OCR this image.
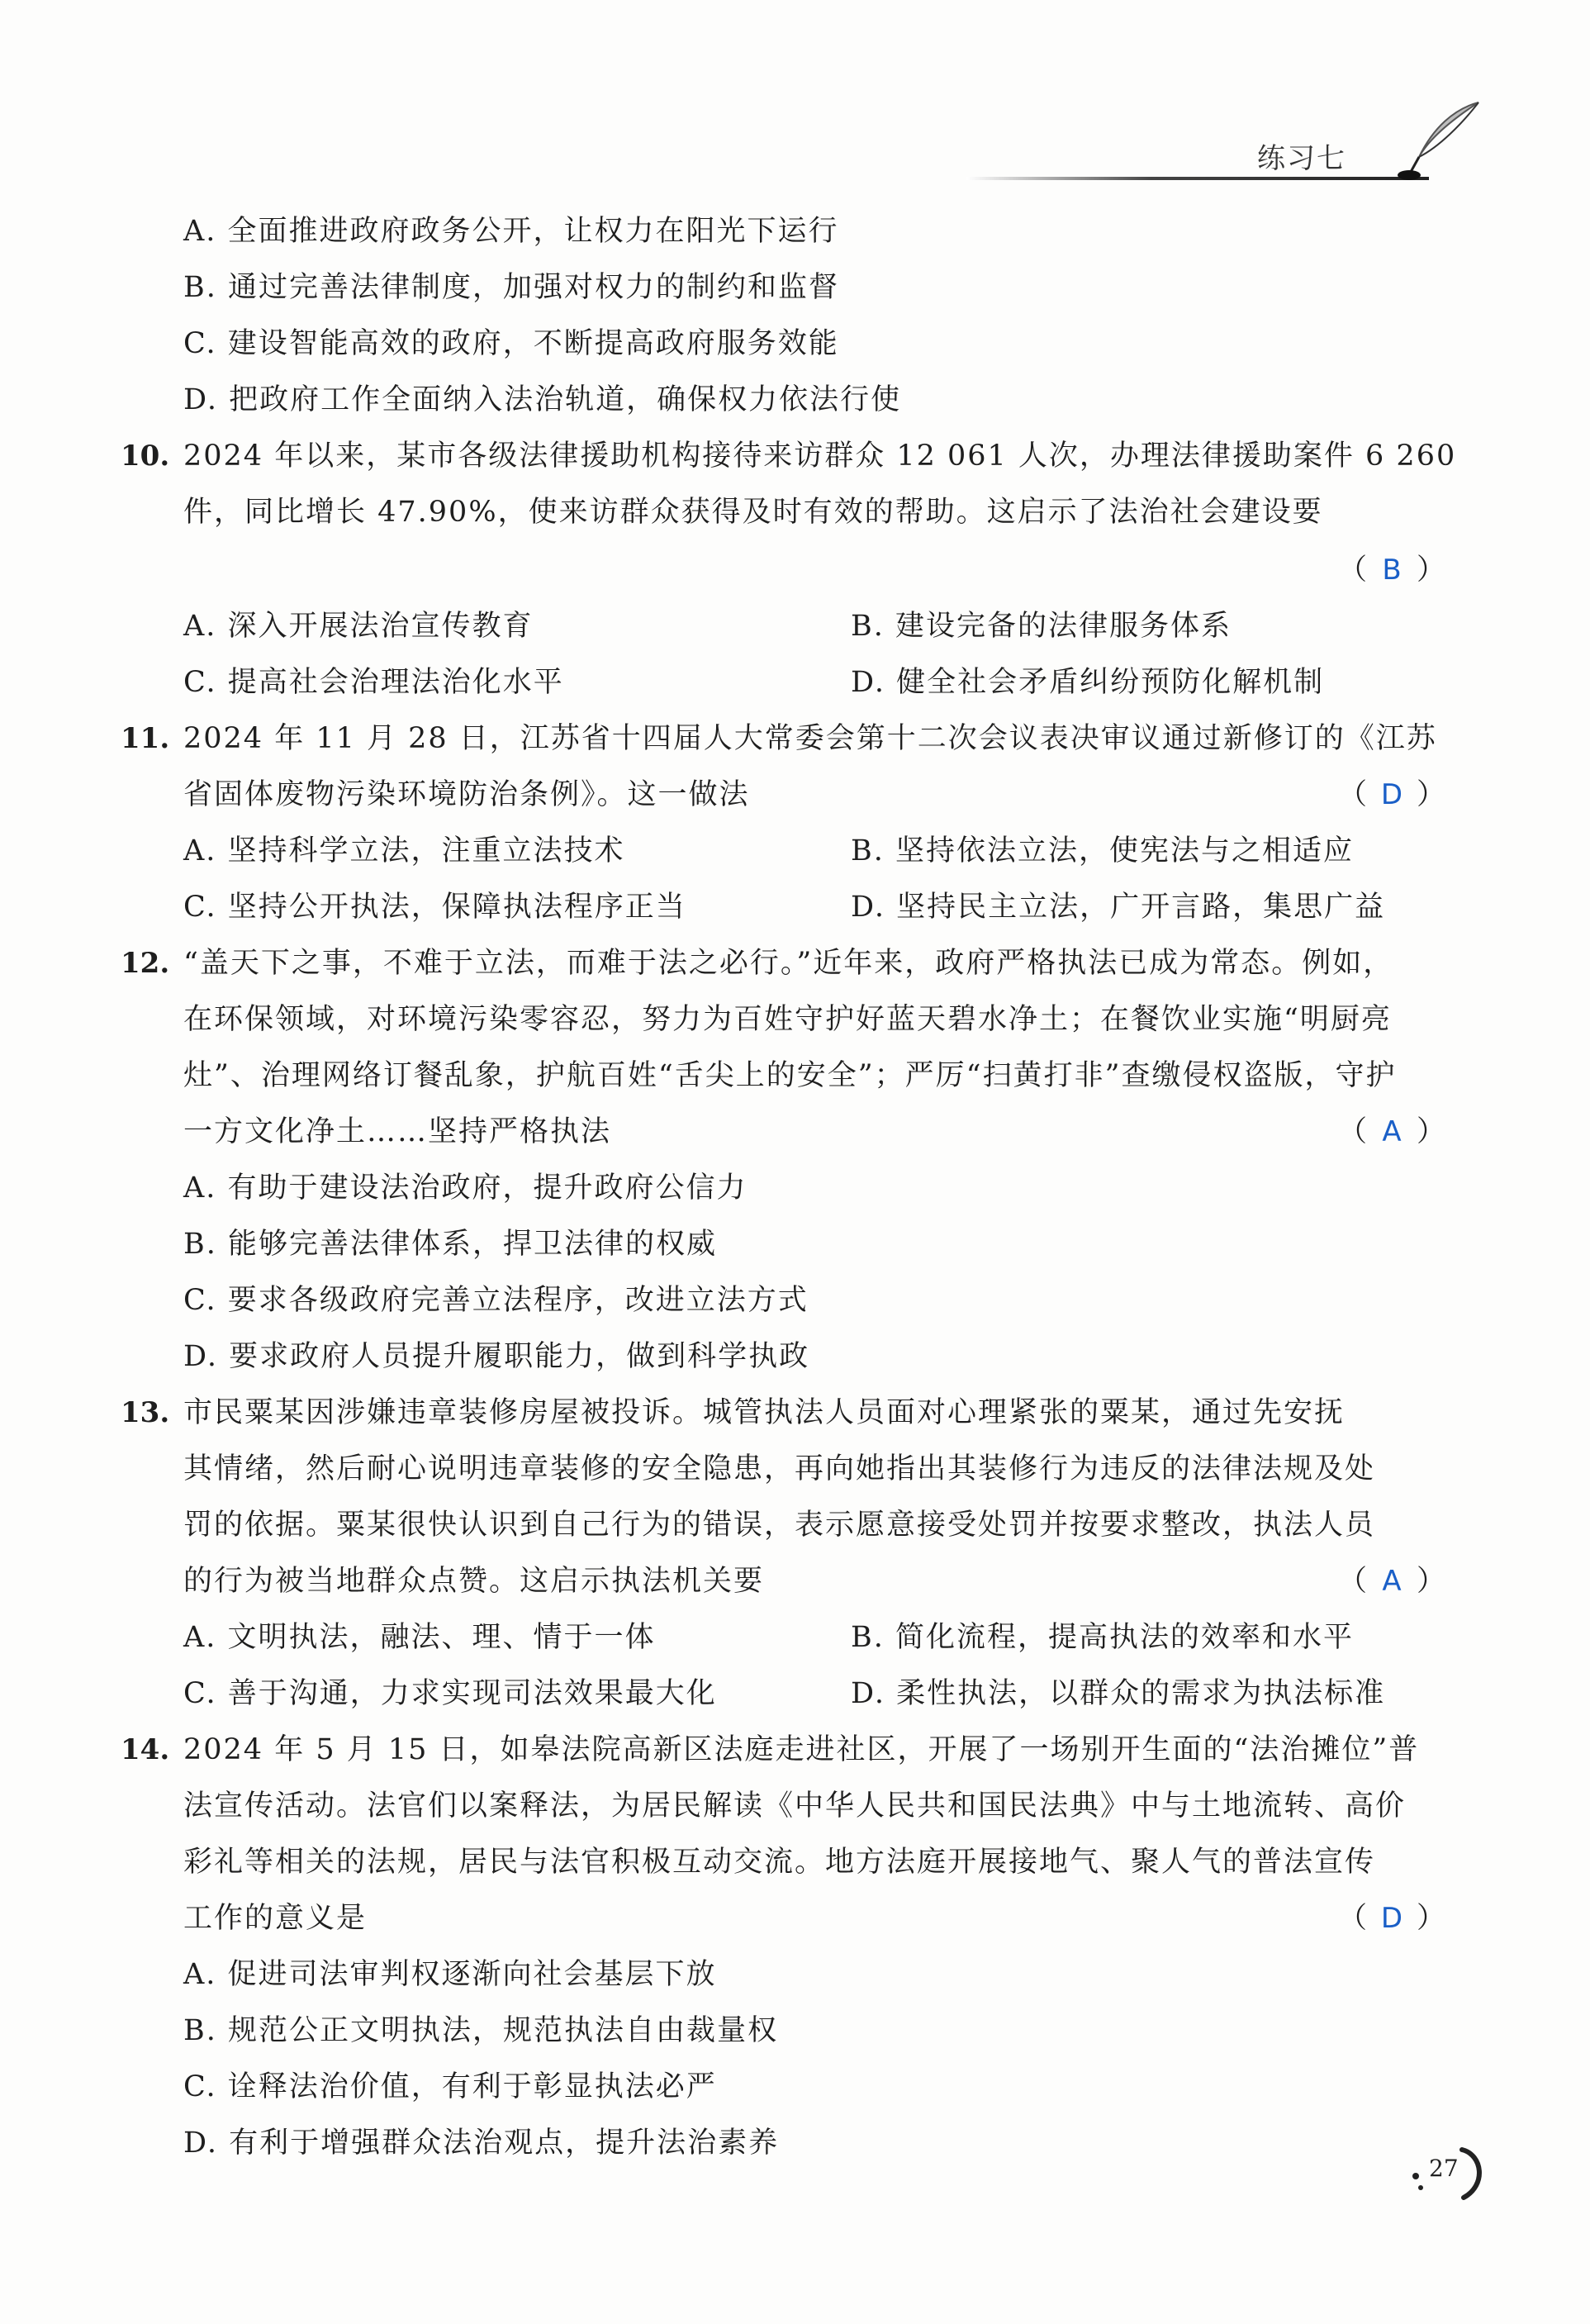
练习七
A. 全面推进政府政务公开，让权力在阳光下运行
B. 通过完善法律制度，加强对权力的制约和监督
C. 建设智能高效的政府，不断提高政府服务效能
D. 把政府工作全面纳入法治轨道，确保权力依法行使
10. 2024 年以来，某市各级法律援助机构接待来访群众 12 061 人次，办理法律援助案件 6 260
件，同比增长 47.90%，使来访群众获得及时有效的帮助。这启示了法治社会建设要
（ B ）
A. 深入开展法治宣传教育	B. 建设完备的法律服务体系
C. 提高社会治理法治化水平	D. 健全社会矛盾纠纷预防化解机制
11. 2024 年 11 月 28 日，江苏省十四届人大常委会第十二次会议表决审议通过新修订的《江苏
省固体废物污染环境防治条例》。这一做法	（ D ）
A. 坚持科学立法，注重立法技术	B. 坚持依法立法，使宪法与之相适应
C. 坚持公开执法，保障执法程序正当	D. 坚持民主立法，广开言路，集思广益
12. “盖天下之事，不难于立法，而难于法之必行。”近年来，政府严格执法已成为常态。例如，
在环保领域，对环境污染零容忍，努力为百姓守护好蓝天碧水净土；在餐饮业实施“明厨亮
灶”、治理网络订餐乱象，护航百姓“舌尖上的安全”；严厉“扫黄打非”查缴侵权盗版，守护
一方文化净土……坚持严格执法	（ A ）
A. 有助于建设法治政府，提升政府公信力
B. 能够完善法律体系，捍卫法律的权威
C. 要求各级政府完善立法程序，改进立法方式
D. 要求政府人员提升履职能力，做到科学执政
13. 市民粟某因涉嫌违章装修房屋被投诉。城管执法人员面对心理紧张的粟某，通过先安抚
其情绪，然后耐心说明违章装修的安全隐患，再向她指出其装修行为违反的法律法规及处
罚的依据。粟某很快认识到自己行为的错误，表示愿意接受处罚并按要求整改，执法人员
的行为被当地群众点赞。这启示执法机关要	（ A ）
A. 文明执法，融法、理、情于一体	B. 简化流程，提高执法的效率和水平
C. 善于沟通，力求实现司法效果最大化	D. 柔性执法，以群众的需求为执法标准
14. 2024 年 5 月 15 日，如皋法院高新区法庭走进社区，开展了一场别开生面的“法治摊位”普
法宣传活动。法官们以案释法，为居民解读《中华人民共和国民法典》中与土地流转、高价
彩礼等相关的法规，居民与法官积极互动交流。地方法庭开展接地气、聚人气的普法宣传
工作的意义是	（ D ）
A. 促进司法审判权逐渐向社会基层下放
B. 规范公正文明执法，规范执法自由裁量权
C. 诠释法治价值，有利于彰显执法必严
D. 有利于增强群众法治观点，提升法治素养
27
